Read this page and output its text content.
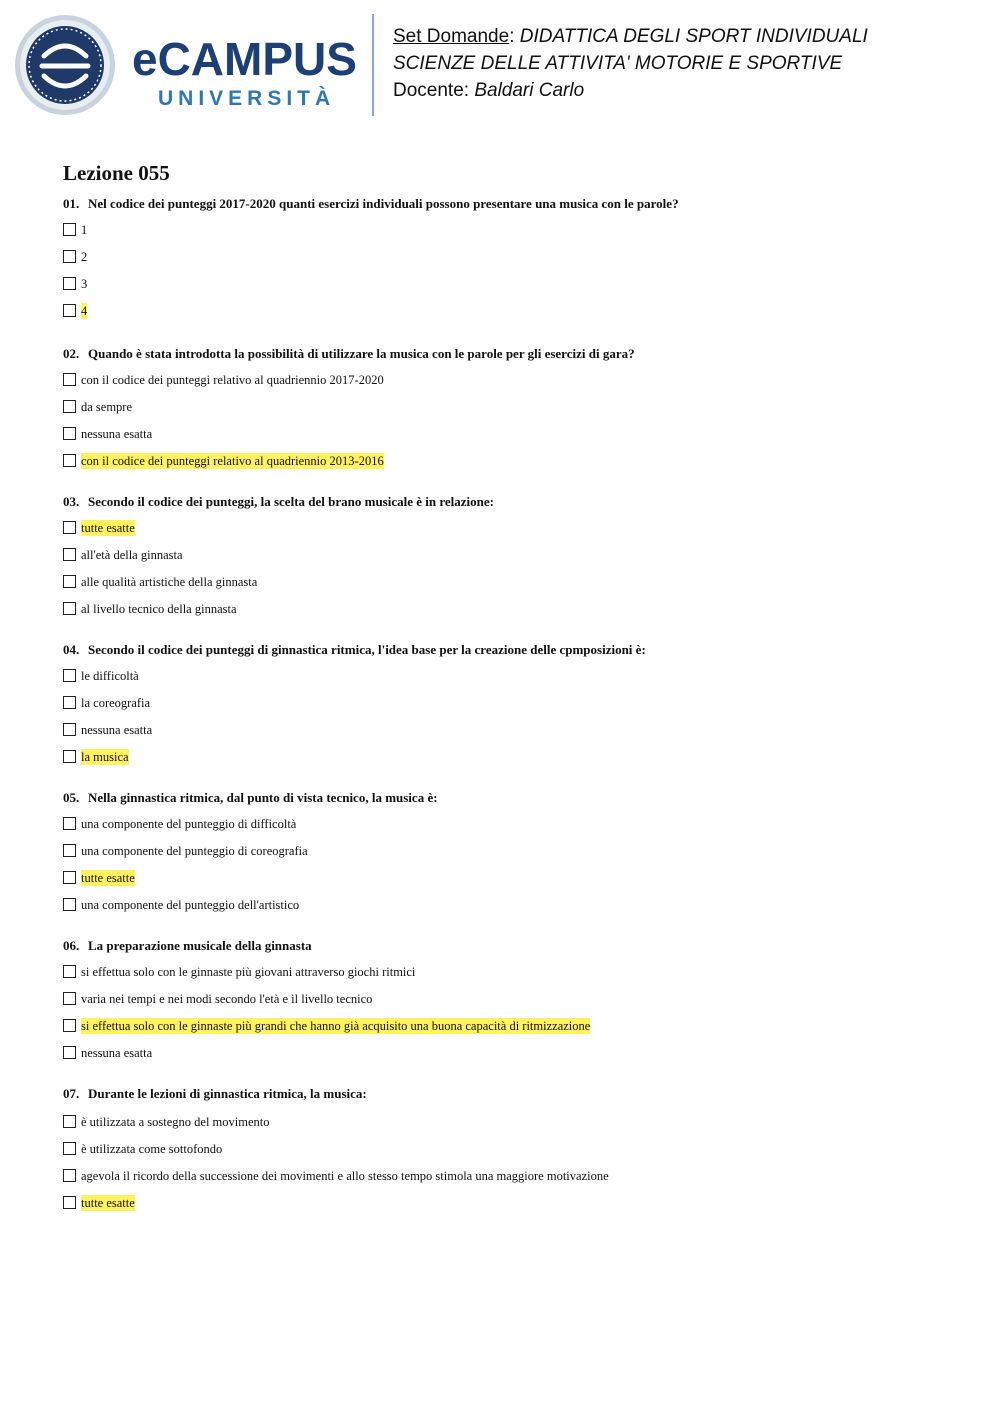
eCAMPUS
UNIVERSITÀ
Set Domande: DIDATTICA DEGLI SPORT INDIVIDUALI
SCIENZE DELLE ATTIVITA' MOTORIE E SPORTIVE
Docente: Baldari Carlo
Lezione 055
01. Nel codice dei punteggi 2017-2020 quanti esercizi individuali possono presentare una musica con le parole?
1
2
3
4
02. Quando è stata introdotta la possibilità di utilizzare la musica con le parole per gli esercizi di gara?
con il codice dei punteggi relativo al quadriennio 2017-2020
da sempre
nessuna esatta
con il codice dei punteggi relativo al quadriennio 2013-2016
03. Secondo il codice dei punteggi, la scelta del brano musicale è in relazione:
tutte esatte
all'età della ginnasta
alle qualità artistiche della ginnasta
al livello tecnico della ginnasta
04. Secondo il codice dei punteggi di ginnastica ritmica, l'idea base per la creazione delle cpmposizioni è:
le difficoltà
la coreografia
nessuna esatta
la musica
05. Nella ginnastica ritmica, dal punto di vista tecnico, la musica è:
una componente del punteggio di difficoltà
una componente del punteggio di coreografia
tutte esatte
una componente del punteggio dell'artistico
06. La preparazione musicale della ginnasta
si effettua solo con le ginnaste più giovani attraverso giochi ritmici
varia nei tempi e nei modi secondo l'età e il livello tecnico
si effettua solo con le ginnaste più grandi che hanno già acquisito una buona capacità di ritmizzazione
nessuna esatta
07. Durante le lezioni di ginnastica ritmica, la musica:
è utilizzata a sostegno del movimento
è utilizzata come sottofondo
agevola il ricordo della successione dei movimenti e allo stesso tempo stimola una maggiore motivazione
tutte esatte
